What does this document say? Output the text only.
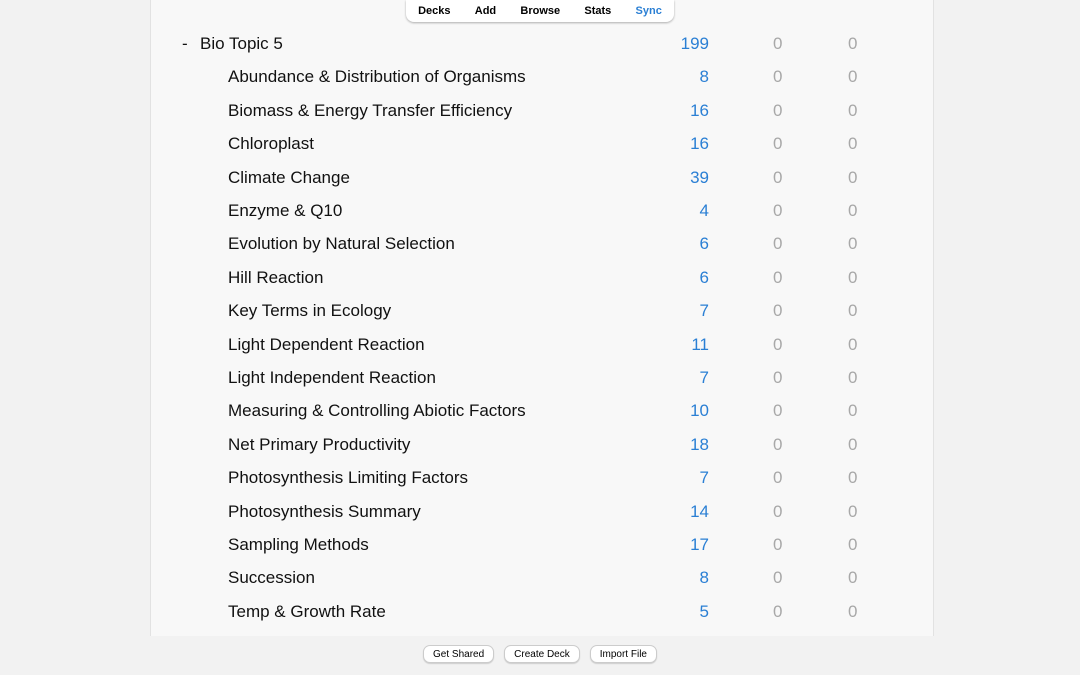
Decks Add Browse Stats Sync
- Bio Topic 5	199	0	0
Abundance & Distribution of Organisms	8	0	0
Biomass & Energy Transfer Efficiency	16	0	0
Chloroplast	16	0	0
Climate Change	39	0	0
Enzyme & Q10	4	0	0
Evolution by Natural Selection	6	0	0
Hill Reaction	6	0	0
Key Terms in Ecology	7	0	0
Light Dependent Reaction	11	0	0
Light Independent Reaction	7	0	0
Measuring & Controlling Abiotic Factors	10	0	0
Net Primary Productivity	18	0	0
Photosynthesis Limiting Factors	7	0	0
Photosynthesis Summary	14	0	0
Sampling Methods	17	0	0
Succession	8	0	0
Temp & Growth Rate	5	0	0
Get Shared	Create Deck	Import File
